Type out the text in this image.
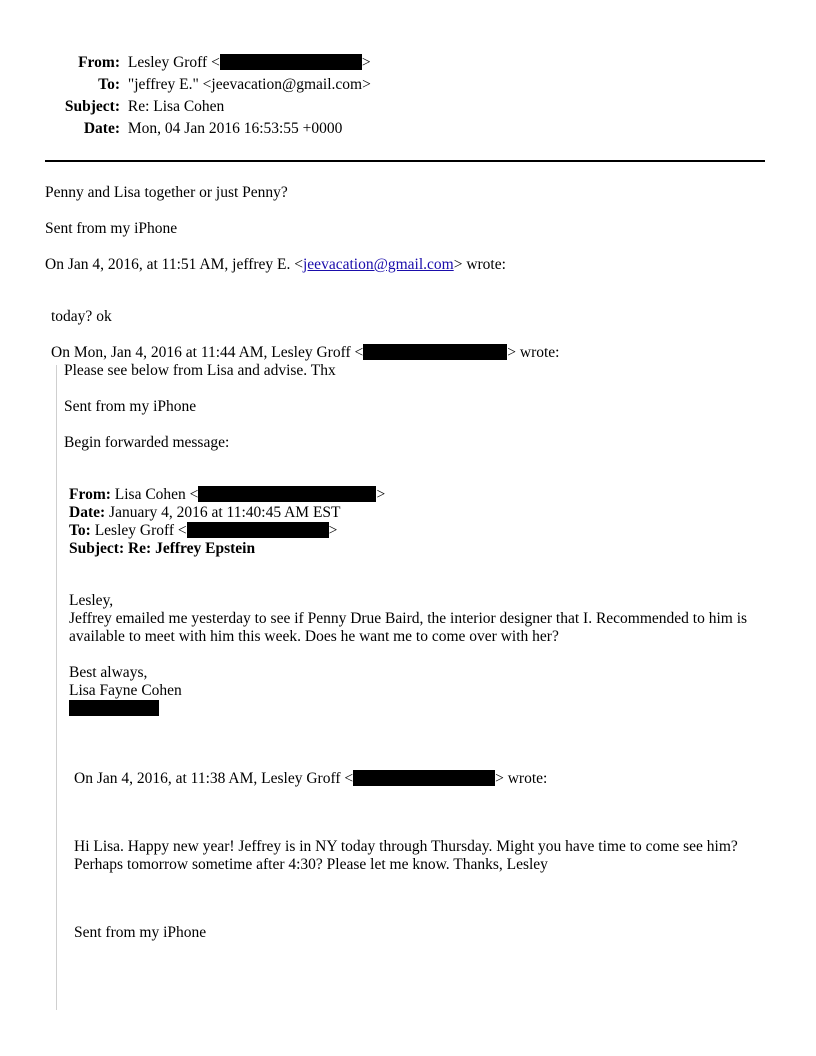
From: Lesley Groff <	>
To: "jeffrey E." <jeevacation@gmail.com>
Subject: Re: Lisa Cohen
Date: Mon, 04 Jan 2016 16:53:55 +0000
Penny and Lisa together or just Penny?
Sent from my iPhone
On Jan 4, 2016, at 11:51 AM, jeffrey E. <jeevacation@gmail.com> wrote:
today? ok
On Mon, Jan 4, 2016 at 11:44 AM, Lesley Groff <	> wrote:
Please see below from Lisa and advise. Thx
Sent from my iPhone
Begin forwarded message:
From: Lisa Cohen <	>
Date: January 4, 2016 at 11:40:45 AM EST
To: Lesley Groff <	>
Subject: Re: Jeffrey Epstein
Lesley,
Jeffrey emailed me yesterday to see if Penny Drue Baird, the interior designer that I. Recommended to him is available to meet with him this week. Does he want me to come over with her?
Best always,
Lisa Fayne Cohen
On Jan 4, 2016, at 11:38 AM, Lesley Groff <	> wrote:
Hi Lisa. Happy new year! Jeffrey is in NY today through Thursday. Might you have time to come see him? Perhaps tomorrow sometime after 4:30? Please let me know. Thanks, Lesley
Sent from my iPhone
